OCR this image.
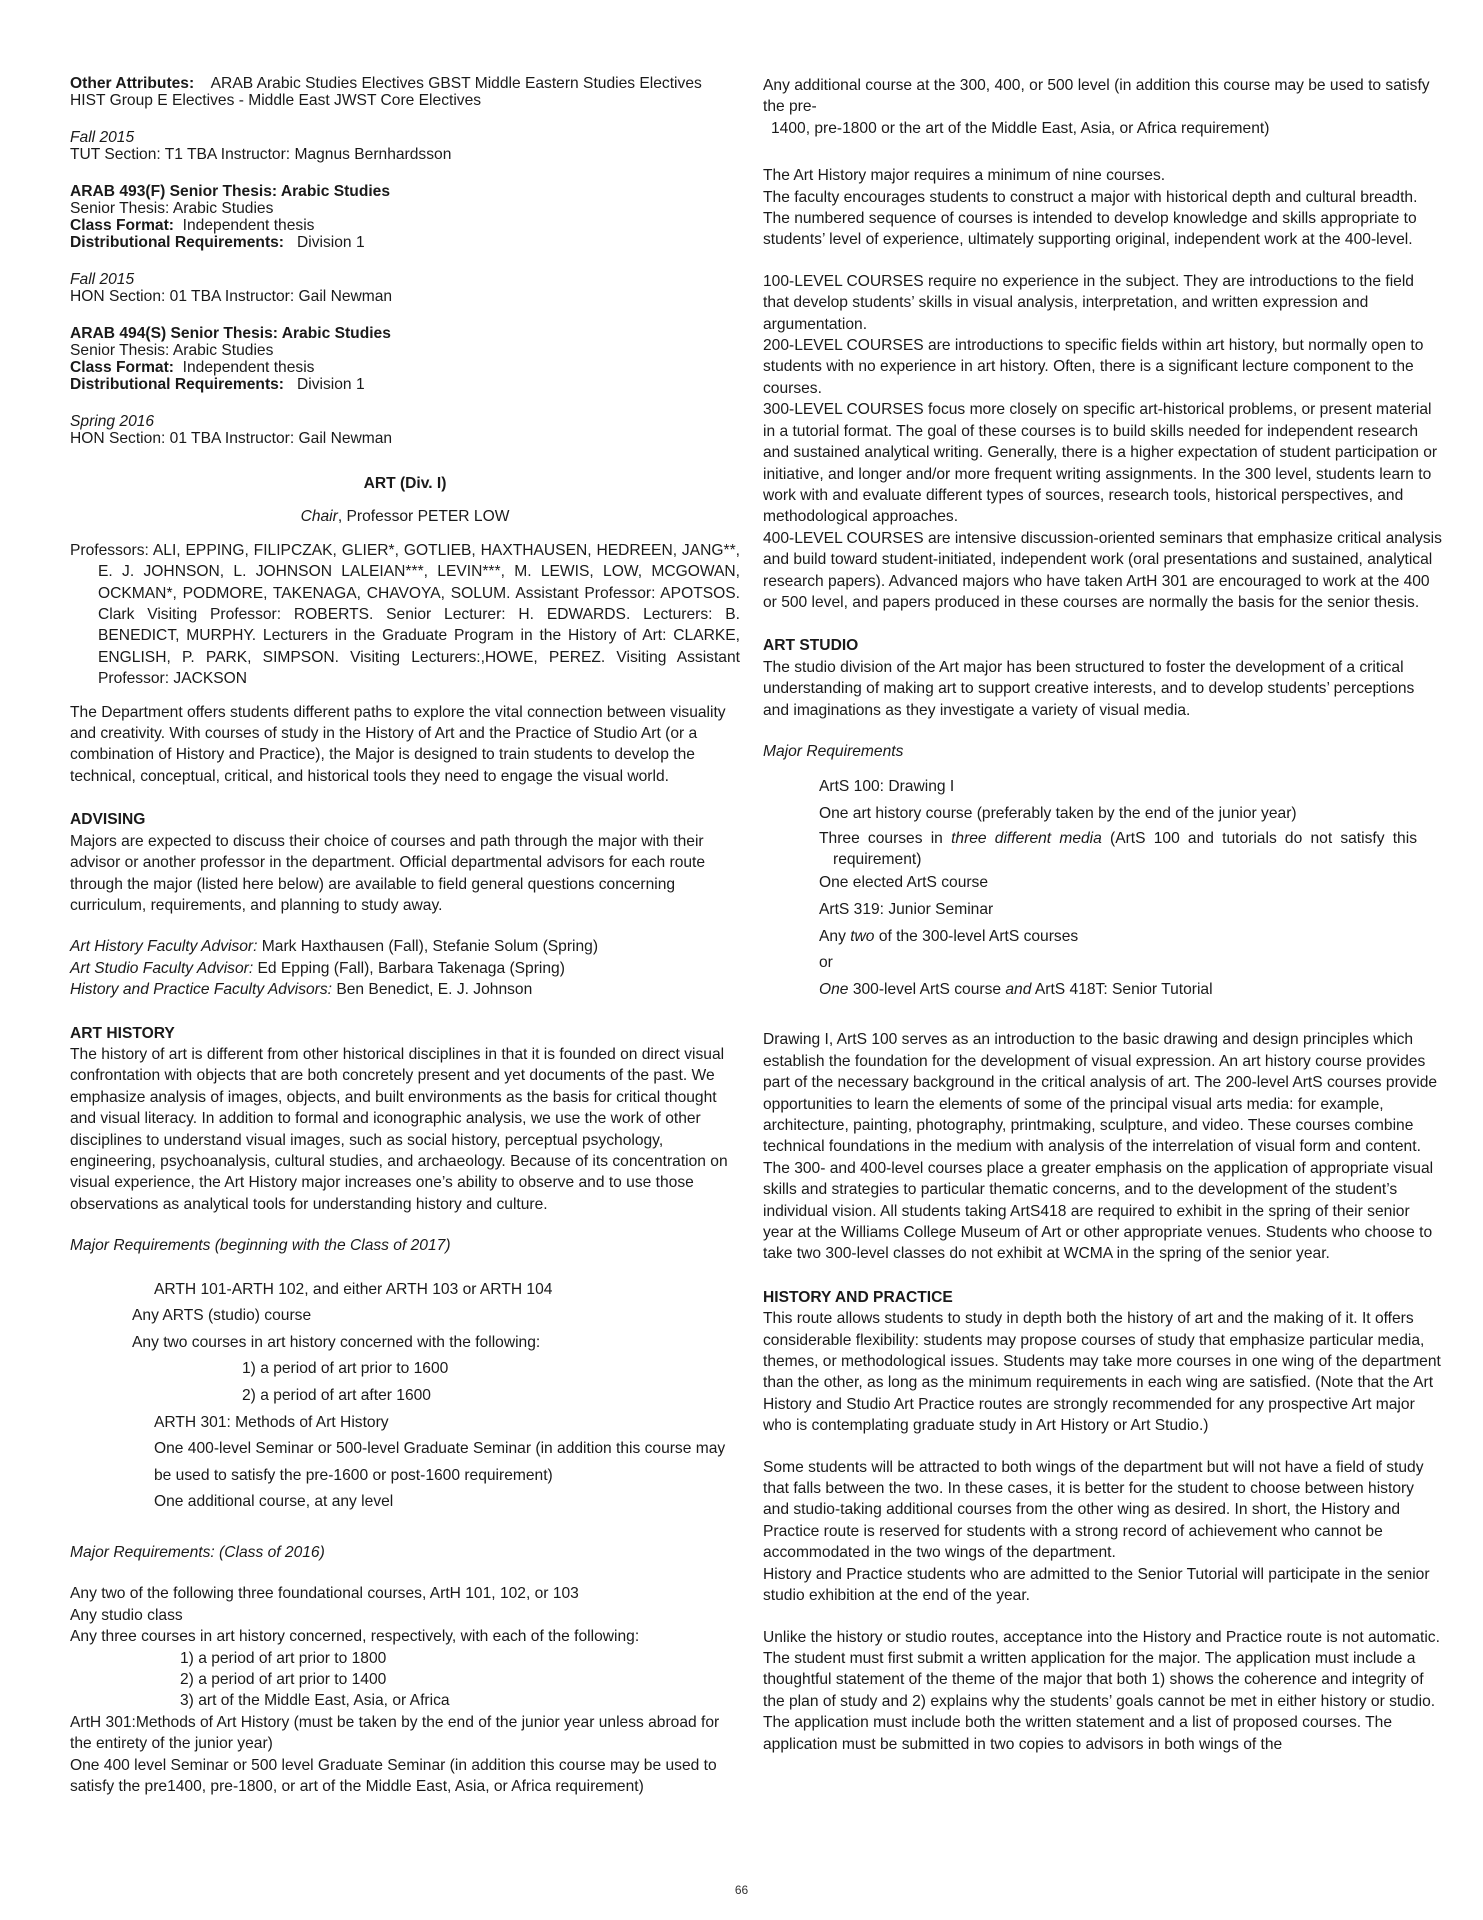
Other Attributes: ARAB Arabic Studies Electives GBST Middle Eastern Studies Electives
HIST Group E Electives - Middle East JWST Core Electives
Fall 2015
TUT Section: T1 TBA Instructor: Magnus Bernhardsson
ARAB 493(F) Senior Thesis: Arabic Studies
Senior Thesis: Arabic Studies
Class Format: Independent thesis
Distributional Requirements: Division 1
Fall 2015
HON Section: 01 TBA Instructor: Gail Newman
ARAB 494(S) Senior Thesis: Arabic Studies
Senior Thesis: Arabic Studies
Class Format: Independent thesis
Distributional Requirements: Division 1
Spring 2016
HON Section: 01 TBA Instructor: Gail Newman
ART (Div. I)
Chair, Professor PETER LOW
Professors: ALI, EPPING, FILIPCZAK, GLIER*, GOTLIEB, HAXTHAUSEN, HEDREEN, JANG**, E. J. JOHNSON, L. JOHNSON LALEIAN***, LEVIN***, M. LEWIS, LOW, MCGOWAN, OCKMAN*, PODMORE, TAKENAGA, CHAVOYA, SOLUM. Assistant Professor: APOTSOS. Clark Visiting Professor: ROBERTS. Senior Lecturer: H. EDWARDS. Lecturers: B. BENEDICT, MURPHY. Lecturers in the Graduate Program in the History of Art: CLARKE, ENGLISH, P. PARK, SIMPSON. Visiting Lecturers:,HOWE, PEREZ. Visiting Assistant Professor: JACKSON
The Department offers students different paths to explore the vital connection between visuality and creativity. With courses of study in the History of Art and the Practice of Studio Art (or a combination of History and Practice), the Major is designed to train students to develop the technical, conceptual, critical, and historical tools they need to engage the visual world.
ADVISING
Majors are expected to discuss their choice of courses and path through the major with their advisor or another professor in the department. Official departmental advisors for each route through the major (listed here below) are available to field general questions concerning curriculum, requirements, and planning to study away.
Art History Faculty Advisor: Mark Haxthausen (Fall), Stefanie Solum (Spring)
Art Studio Faculty Advisor: Ed Epping (Fall), Barbara Takenaga (Spring)
History and Practice Faculty Advisors: Ben Benedict, E. J. Johnson
ART HISTORY
The history of art is different from other historical disciplines in that it is founded on direct visual confrontation with objects that are both concretely present and yet documents of the past. We emphasize analysis of images, objects, and built environments as the basis for critical thought and visual literacy. In addition to formal and iconographic analysis, we use the work of other disciplines to understand visual images, such as social history, perceptual psychology, engineering, psychoanalysis, cultural studies, and archaeology. Because of its concentration on visual experience, the Art History major increases one’s ability to observe and to use those observations as analytical tools for understanding history and culture.
Major Requirements (beginning with the Class of 2017)
ARTH 101-ARTH 102, and either ARTH 103 or ARTH 104
Any ARTS (studio) course
Any two courses in art history concerned with the following:
1) a period of art prior to 1600
2) a period of art after 1600
ARTH 301: Methods of Art History
One 400-level Seminar or 500-level Graduate Seminar (in addition this course may be used to satisfy the pre-1600 or post-1600 requirement)
One additional course, at any level
Major Requirements: (Class of 2016)
Any two of the following three foundational courses, ArtH 101, 102, or 103
Any studio class
Any three courses in art history concerned, respectively, with each of the following:
1) a period of art prior to 1800
2) a period of art prior to 1400
3) art of the Middle East, Asia, or Africa
ArtH 301:Methods of Art History (must be taken by the end of the junior year unless abroad for the entirety of the junior year)
One 400 level Seminar or 500 level Graduate Seminar (in addition this course may be used to satisfy the pre1400, pre-1800, or art of the Middle East, Asia, or Africa requirement)
Any additional course at the 300, 400, or 500 level (in addition this course may be used to satisfy the pre-
1400, pre-1800 or the art of the Middle East, Asia, or Africa requirement)
The Art History major requires a minimum of nine courses.
The faculty encourages students to construct a major with historical depth and cultural breadth. The numbered sequence of courses is intended to develop knowledge and skills appropriate to students’ level of experience, ultimately supporting original, independent work at the 400-level.
100-LEVEL COURSES require no experience in the subject. They are introductions to the field that develop students’ skills in visual analysis, interpretation, and written expression and argumentation.
200-LEVEL COURSES are introductions to specific fields within art history, but normally open to students with no experience in art history. Often, there is a significant lecture component to the courses.
300-LEVEL COURSES focus more closely on specific art-historical problems, or present material in a tutorial format. The goal of these courses is to build skills needed for independent research and sustained analytical writing. Generally, there is a higher expectation of student participation or initiative, and longer and/or more frequent writing assignments. In the 300 level, students learn to work with and evaluate different types of sources, research tools, historical perspectives, and methodological approaches.
400-LEVEL COURSES are intensive discussion-oriented seminars that emphasize critical analysis and build toward student-initiated, independent work (oral presentations and sustained, analytical research papers). Advanced majors who have taken ArtH 301 are encouraged to work at the 400 or 500 level, and papers produced in these courses are normally the basis for the senior thesis.
ART STUDIO
The studio division of the Art major has been structured to foster the development of a critical understanding of making art to support creative interests, and to develop students’ perceptions and imaginations as they investigate a variety of visual media.
Major Requirements
ArtS 100: Drawing I
One art history course (preferably taken by the end of the junior year)
Three courses in three different media (ArtS 100 and tutorials do not satisfy this requirement)
One elected ArtS course
ArtS 319: Junior Seminar
Any two of the 300-level ArtS courses
or
One 300-level ArtS course and ArtS 418T: Senior Tutorial
Drawing I, ArtS 100 serves as an introduction to the basic drawing and design principles which establish the foundation for the development of visual expression. An art history course provides part of the necessary background in the critical analysis of art. The 200-level ArtS courses provide opportunities to learn the elements of some of the principal visual arts media: for example, architecture, painting, photography, printmaking, sculpture, and video. These courses combine technical foundations in the medium with analysis of the interrelation of visual form and content. The 300- and 400-level courses place a greater emphasis on the application of appropriate visual skills and strategies to particular thematic concerns, and to the development of the student’s individual vision. All students taking ArtS418 are required to exhibit in the spring of their senior year at the Williams College Museum of Art or other appropriate venues. Students who choose to take two 300-level classes do not exhibit at WCMA in the spring of the senior year.
HISTORY AND PRACTICE
This route allows students to study in depth both the history of art and the making of it. It offers considerable flexibility: students may propose courses of study that emphasize particular media, themes, or methodological issues. Students may take more courses in one wing of the department than the other, as long as the minimum requirements in each wing are satisfied. (Note that the Art History and Studio Art Practice routes are strongly recommended for any prospective Art major who is contemplating graduate study in Art History or Art Studio.)
Some students will be attracted to both wings of the department but will not have a field of study that falls between the two. In these cases, it is better for the student to choose between history and studio-taking additional courses from the other wing as desired. In short, the History and Practice route is reserved for students with a strong record of achievement who cannot be accommodated in the two wings of the department.
History and Practice students who are admitted to the Senior Tutorial will participate in the senior studio exhibition at the end of the year.
Unlike the history or studio routes, acceptance into the History and Practice route is not automatic. The student must first submit a written application for the major. The application must include a thoughtful statement of the theme of the major that both 1) shows the coherence and integrity of the plan of study and 2) explains why the students’ goals cannot be met in either history or studio. The application must include both the written statement and a list of proposed courses. The application must be submitted in two copies to advisors in both wings of the
66
